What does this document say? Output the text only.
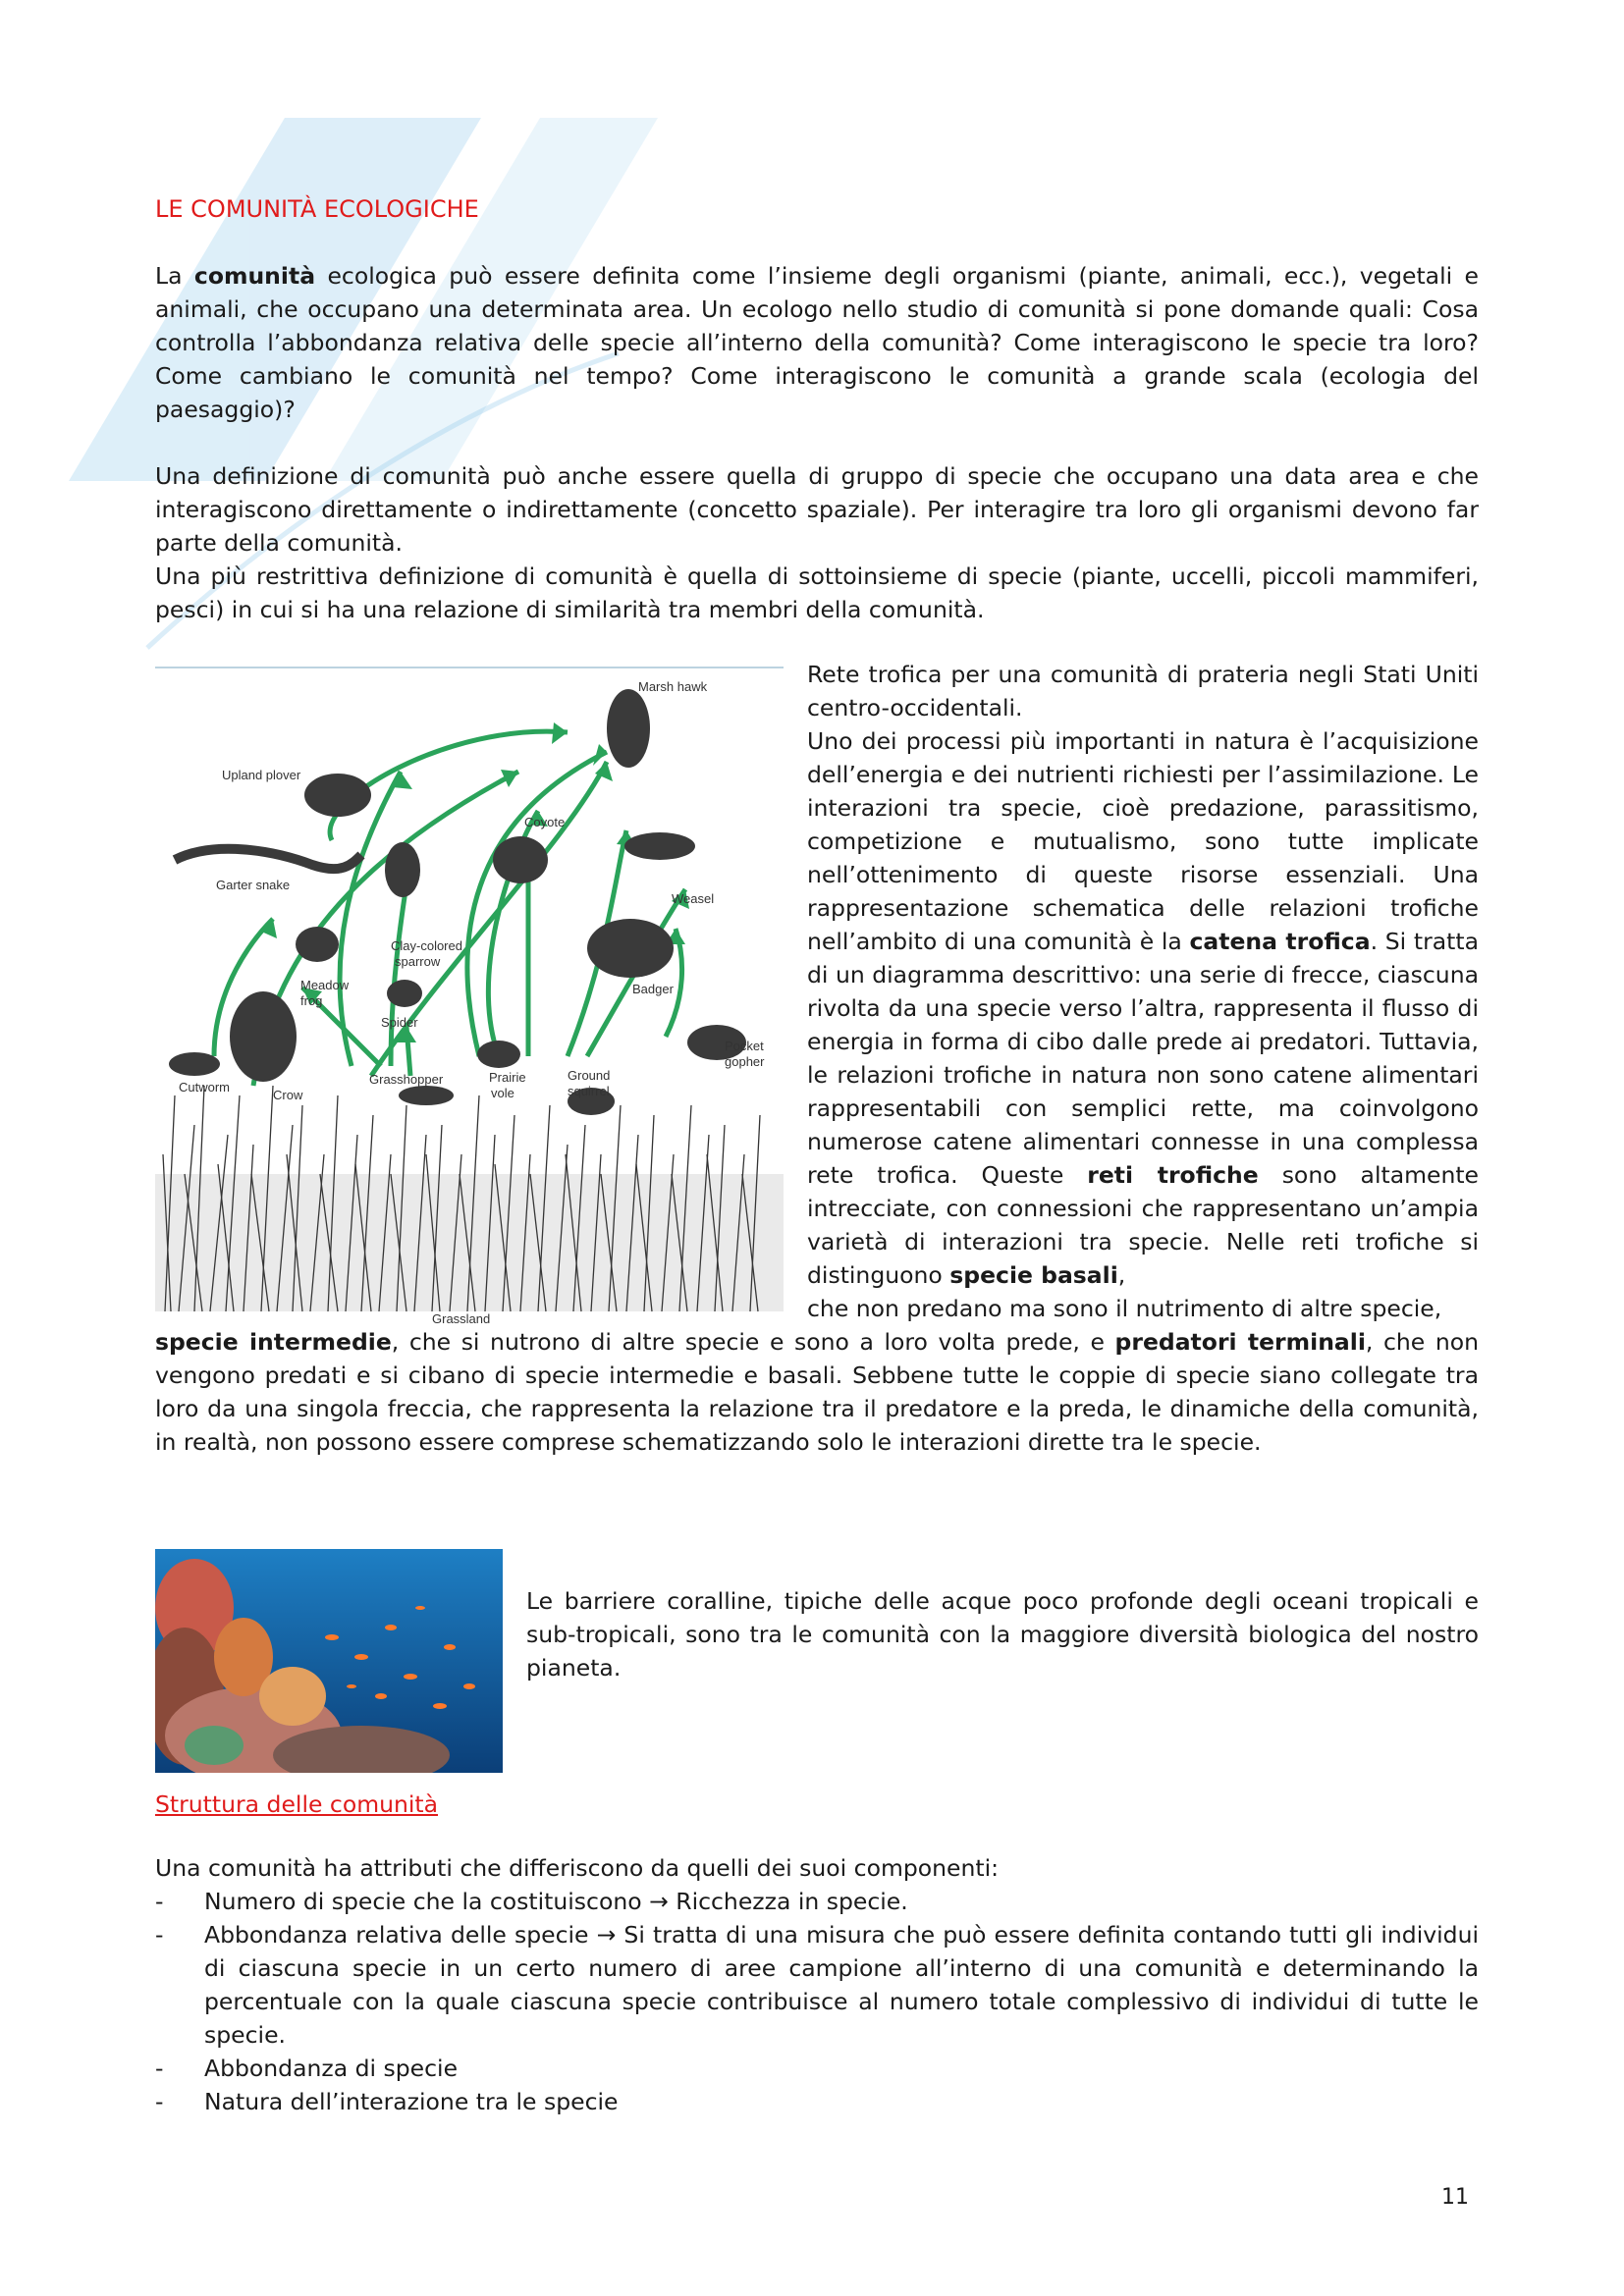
LE COMUNITÀ ECOLOGICHE

La comunità ecologica può essere definita come l’insieme degli organismi (piante, animali, ecc.), vegetali e animali, che occupano una determinata area. Un ecologo nello studio di comunità si pone domande quali: Cosa controlla l’abbondanza relativa delle specie all’interno della comunità? Come interagiscono le specie tra loro? Come cambiano le comunità nel tempo? Come interagiscono le comunità a grande scala (ecologia del paesaggio)?

Una definizione di comunità può anche essere quella di gruppo di specie che occupano una data area e che interagiscono direttamente o indirettamente (concetto spaziale). Per interagire tra loro gli organismi devono far parte della comunità.

Una più restrittiva definizione di comunità è quella di sottoinsieme di specie (piante, uccelli, piccoli mammiferi, pesci) in cui si ha una relazione di similarità tra membri della comunità.

Marsh hawk
Upland plover
Coyote
Garter snake
Weasel
Clay-colored
sparrow
Meadow
frog
Badger
Spider
Pocket
gopher
Cutworm
Crow
Grasshopper	Prairie
vole
Ground
squirrel
Grassland

Rete trofica per una comunità di prateria negli Stati Uniti centro-occidentali.
Uno dei processi più importanti in natura è l’acquisizione dell’energia e dei nutrienti richiesti per l’assimilazione. Le interazioni tra specie, cioè predazione, parassitismo, competizione e mutualismo, sono tutte implicate nell’ottenimento di queste risorse essenziali. Una rappresentazione schematica delle relazioni trofiche nell’ambito di una comunità è la catena trofica. Si tratta di un diagramma descrittivo: una serie di frecce, ciascuna rivolta da una specie verso l’altra, rappresenta il flusso di energia in forma di cibo dalle prede ai predatori. Tuttavia, le relazioni trofiche in natura non sono catene alimentari rappresentabili con semplici rette, ma coinvolgono numerose catene alimentari connesse in una complessa rete trofica. Queste reti trofiche sono altamente intrecciate, con connessioni che rappresentano un’ampia varietà di interazioni tra specie. Nelle reti trofiche si distinguono specie basali,
che non predano ma sono il nutrimento di altre specie,

specie intermedie, che si nutrono di altre specie e sono a loro volta prede, e predatori terminali, che non vengono predati e si cibano di specie intermedie e basali. Sebbene tutte le coppie di specie siano collegate tra loro da una singola freccia, che rappresenta la relazione tra il predatore e la preda, le dinamiche della comunità, in realtà, non possono essere comprese schematizzando solo le interazioni dirette tra le specie.

Le barriere coralline, tipiche delle acque poco profonde degli oceani tropicali e sub-tropicali, sono tra le comunità con la maggiore diversità biologica del nostro pianeta.

Struttura delle comunità

Una comunità ha attributi che differiscono da quelli dei suoi componenti:

- Numero di specie che la costituiscono → Ricchezza in specie.
- Abbondanza relativa delle specie → Si tratta di una misura che può essere definita contando tutti gli individui di ciascuna specie in un certo numero di aree campione all’interno di una comunità e determinando la percentuale con la quale ciascuna specie contribuisce al numero totale complessivo di individui di tutte le specie.
- Abbondanza di specie
- Natura dell’interazione tra le specie
11
